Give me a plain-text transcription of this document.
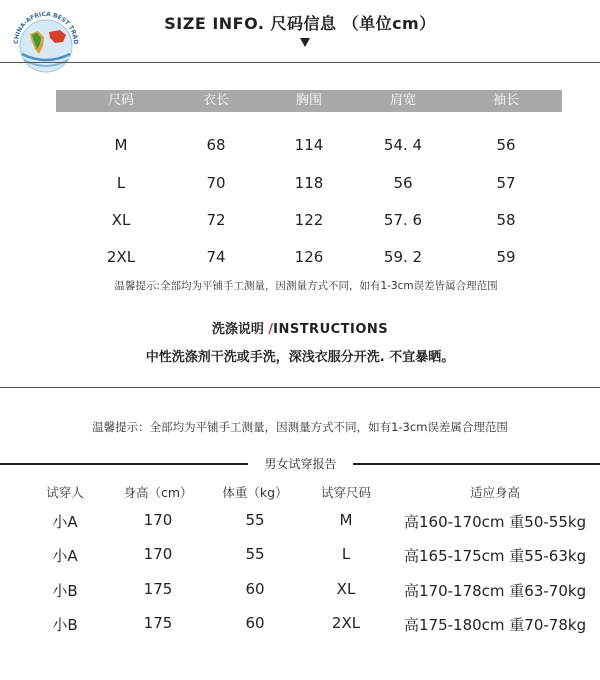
CHINA-AFRICA BEST TRAD
SIZE INFO. 尺码信息 （单位cm）
尺码	衣长	胸围	肩宽	袖长
M	68	114	54. 4	56
L	70	118	56	57
XL	72	122	57. 6	58
2XL	74	126	59. 2	59
温馨提示:全部均为平铺手工测量，因测量方式不同，如有1-3cm误差皆属合理范围
洗涤说明 /INSTRUCTIONS
中性洗涤剂干洗或手洗，深浅衣服分开洗. 不宜暴晒。
温馨提示：全部均为平铺手工测量，因测量方式不同，如有1-3cm误差属合理范围
男女试穿报告
试穿人	身高（cm）	体重（kg）	试穿尺码	适应身高
小A	170	55	M	高160-170cm 重50-55kg
小A	170	55	L	高165-175cm 重55-63kg
小B	175	60	XL	高170-178cm 重63-70kg
小B	175	60	2XL	高175-180cm 重70-78kg
